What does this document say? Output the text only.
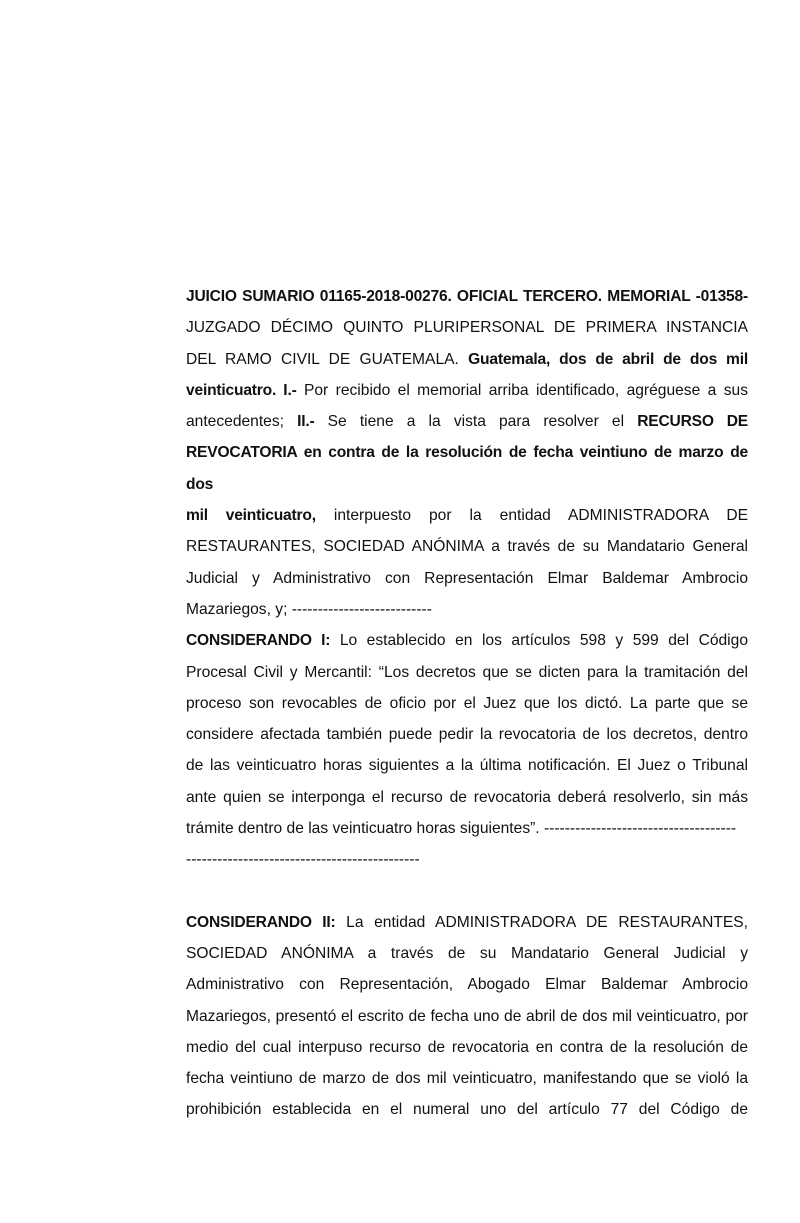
JUICIO SUMARIO 01165-2018-00276. OFICIAL TERCERO. MEMORIAL -01358-
JUZGADO DÉCIMO QUINTO PLURIPERSONAL DE PRIMERA INSTANCIA
DEL RAMO CIVIL DE GUATEMALA. Guatemala, dos de abril de dos mil
veinticuatro. I.- Por recibido el memorial arriba identificado, agréguese a sus
antecedentes; II.- Se tiene a la vista para resolver el RECURSO DE
REVOCATORIA en contra de la resolución de fecha veintiuno de marzo de dos
mil veinticuatro, interpuesto por la entidad ADMINISTRADORA DE
RESTAURANTES, SOCIEDAD ANÓNIMA a través de su Mandatario General
Judicial y Administrativo con Representación Elmar Baldemar Ambrocio
Mazariegos, y; ---------------------------
CONSIDERANDO I: Lo establecido en los artículos 598 y 599 del Código
Procesal Civil y Mercantil: “Los decretos que se dicten para la tramitación del
proceso son revocables de oficio por el Juez que los dictó. La parte que se
considere afectada también puede pedir la revocatoria de los decretos, dentro
de las veinticuatro horas siguientes a la última notificación. El Juez o Tribunal
ante quien se interponga el recurso de revocatoria deberá resolverlo, sin más
trámite dentro de las veinticuatro horas siguientes”. -------------------------------------
---------------------------------------------
CONSIDERANDO II: La entidad ADMINISTRADORA DE RESTAURANTES,
SOCIEDAD ANÓNIMA a través de su Mandatario General Judicial y
Administrativo con Representación, Abogado Elmar Baldemar Ambrocio
Mazariegos, presentó el escrito de fecha uno de abril de dos mil veinticuatro, por
medio del cual interpuso recurso de revocatoria en contra de la resolución de
fecha veintiuno de marzo de dos mil veinticuatro, manifestando que se violó la
prohibición establecida en el numeral uno del artículo 77 del Código de
